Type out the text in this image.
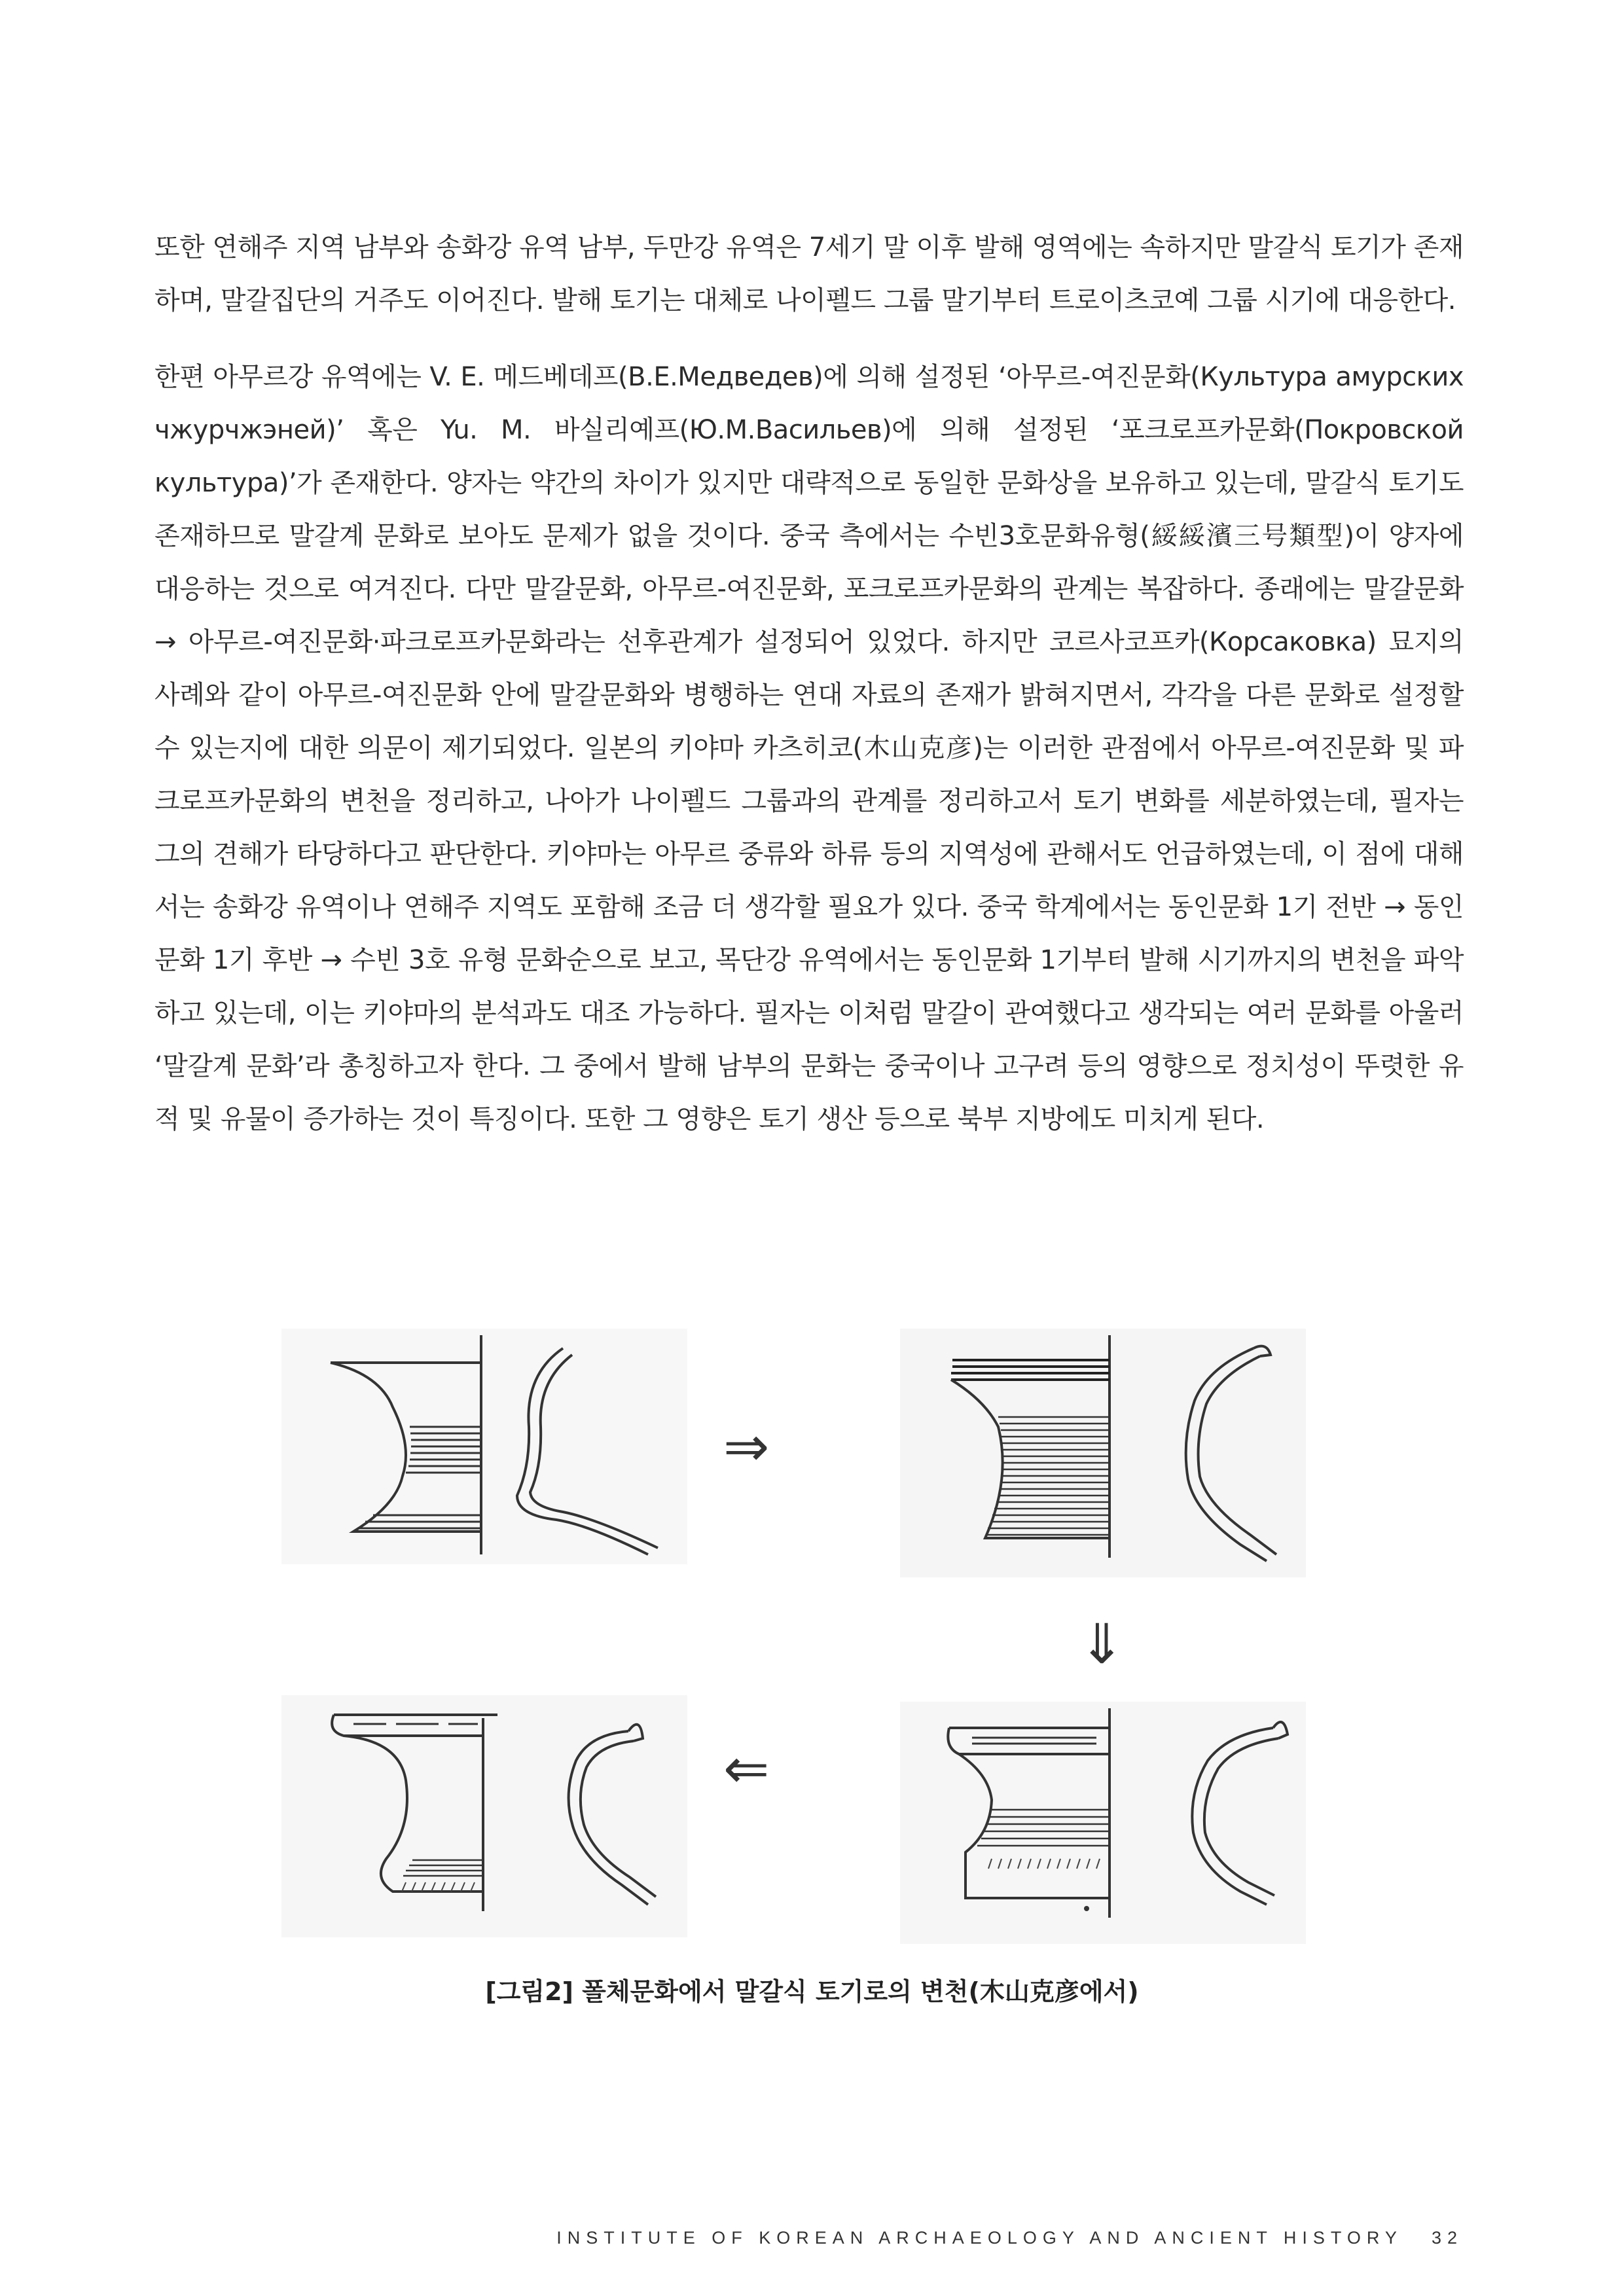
또한 연해주 지역 남부와 송화강 유역 남부, 두만강 유역은 7세기 말 이후 발해 영역에는 속하지만 말갈식 토기가 존재하며, 말갈집단의 거주도 이어진다. 발해 토기는 대체로 나이펠드 그룹 말기부터 트로이츠코예 그룹 시기에 대응한다.

한편 아무르강 유역에는 V. E. 메드베데프(В.Е.Медведев)에 의해 설정된 ‘아무르-여진문화(Культура амурских чжурчжэней)’ 혹은 Yu. M. 바실리예프(Ю.М.Васильев)에 의해 설정된 ‘포크로프카문화(Покровской культура)’가 존재한다. 양자는 약간의 차이가 있지만 대략적으로 동일한 문화상을 보유하고 있는데, 말갈식 토기도 존재하므로 말갈계 문화로 보아도 문제가 없을 것이다. 중국 측에서는 수빈3호문화유형(綏綏濱三号類型)이 양자에 대응하는 것으로 여겨진다. 다만 말갈문화, 아무르-여진문화, 포크로프카문화의 관계는 복잡하다. 종래에는 말갈문화 → 아무르-여진문화·파크로프카문화라는 선후관계가 설정되어 있었다. 하지만 코르사코프카(Корсаковка) 묘지의 사례와 같이 아무르-여진문화 안에 말갈문화와 병행하는 연대 자료의 존재가 밝혀지면서, 각각을 다른 문화로 설정할 수 있는지에 대한 의문이 제기되었다. 일본의 키야마 카츠히코(木山克彦)는 이러한 관점에서 아무르-여진문화 및 파크로프카문화의 변천을 정리하고, 나아가 나이펠드 그룹과의 관계를 정리하고서 토기 변화를 세분하였는데, 필자는 그의 견해가 타당하다고 판단한다. 키야마는 아무르 중류와 하류 등의 지역성에 관해서도 언급하였는데, 이 점에 대해서는 송화강 유역이나 연해주 지역도 포함해 조금 더 생각할 필요가 있다. 중국 학계에서는 동인문화 1기 전반 → 동인문화 1기 후반 → 수빈 3호 유형 문화순으로 보고, 목단강 유역에서는 동인문화 1기부터 발해 시기까지의 변천을 파악하고 있는데, 이는 키야마의 분석과도 대조 가능하다. 필자는 이처럼 말갈이 관여했다고 생각되는 여러 문화를 아울러 ‘말갈계 문화’라 총칭하고자 한다. 그 중에서 발해 남부의 문화는 중국이나 고구려 등의 영향으로 정치성이 뚜렷한 유적 및 유물이 증가하는 것이 특징이다. 또한 그 영향은 토기 생산 등으로 북부 지방에도 미치게 된다.

⇒
⇓
⇐
[그림2] 폴체문화에서 말갈식 토기로의 변천(木山克彦에서)
INSTITUTE OF KOREAN ARCHAEOLOGY AND ANCIENT HISTORY 32
